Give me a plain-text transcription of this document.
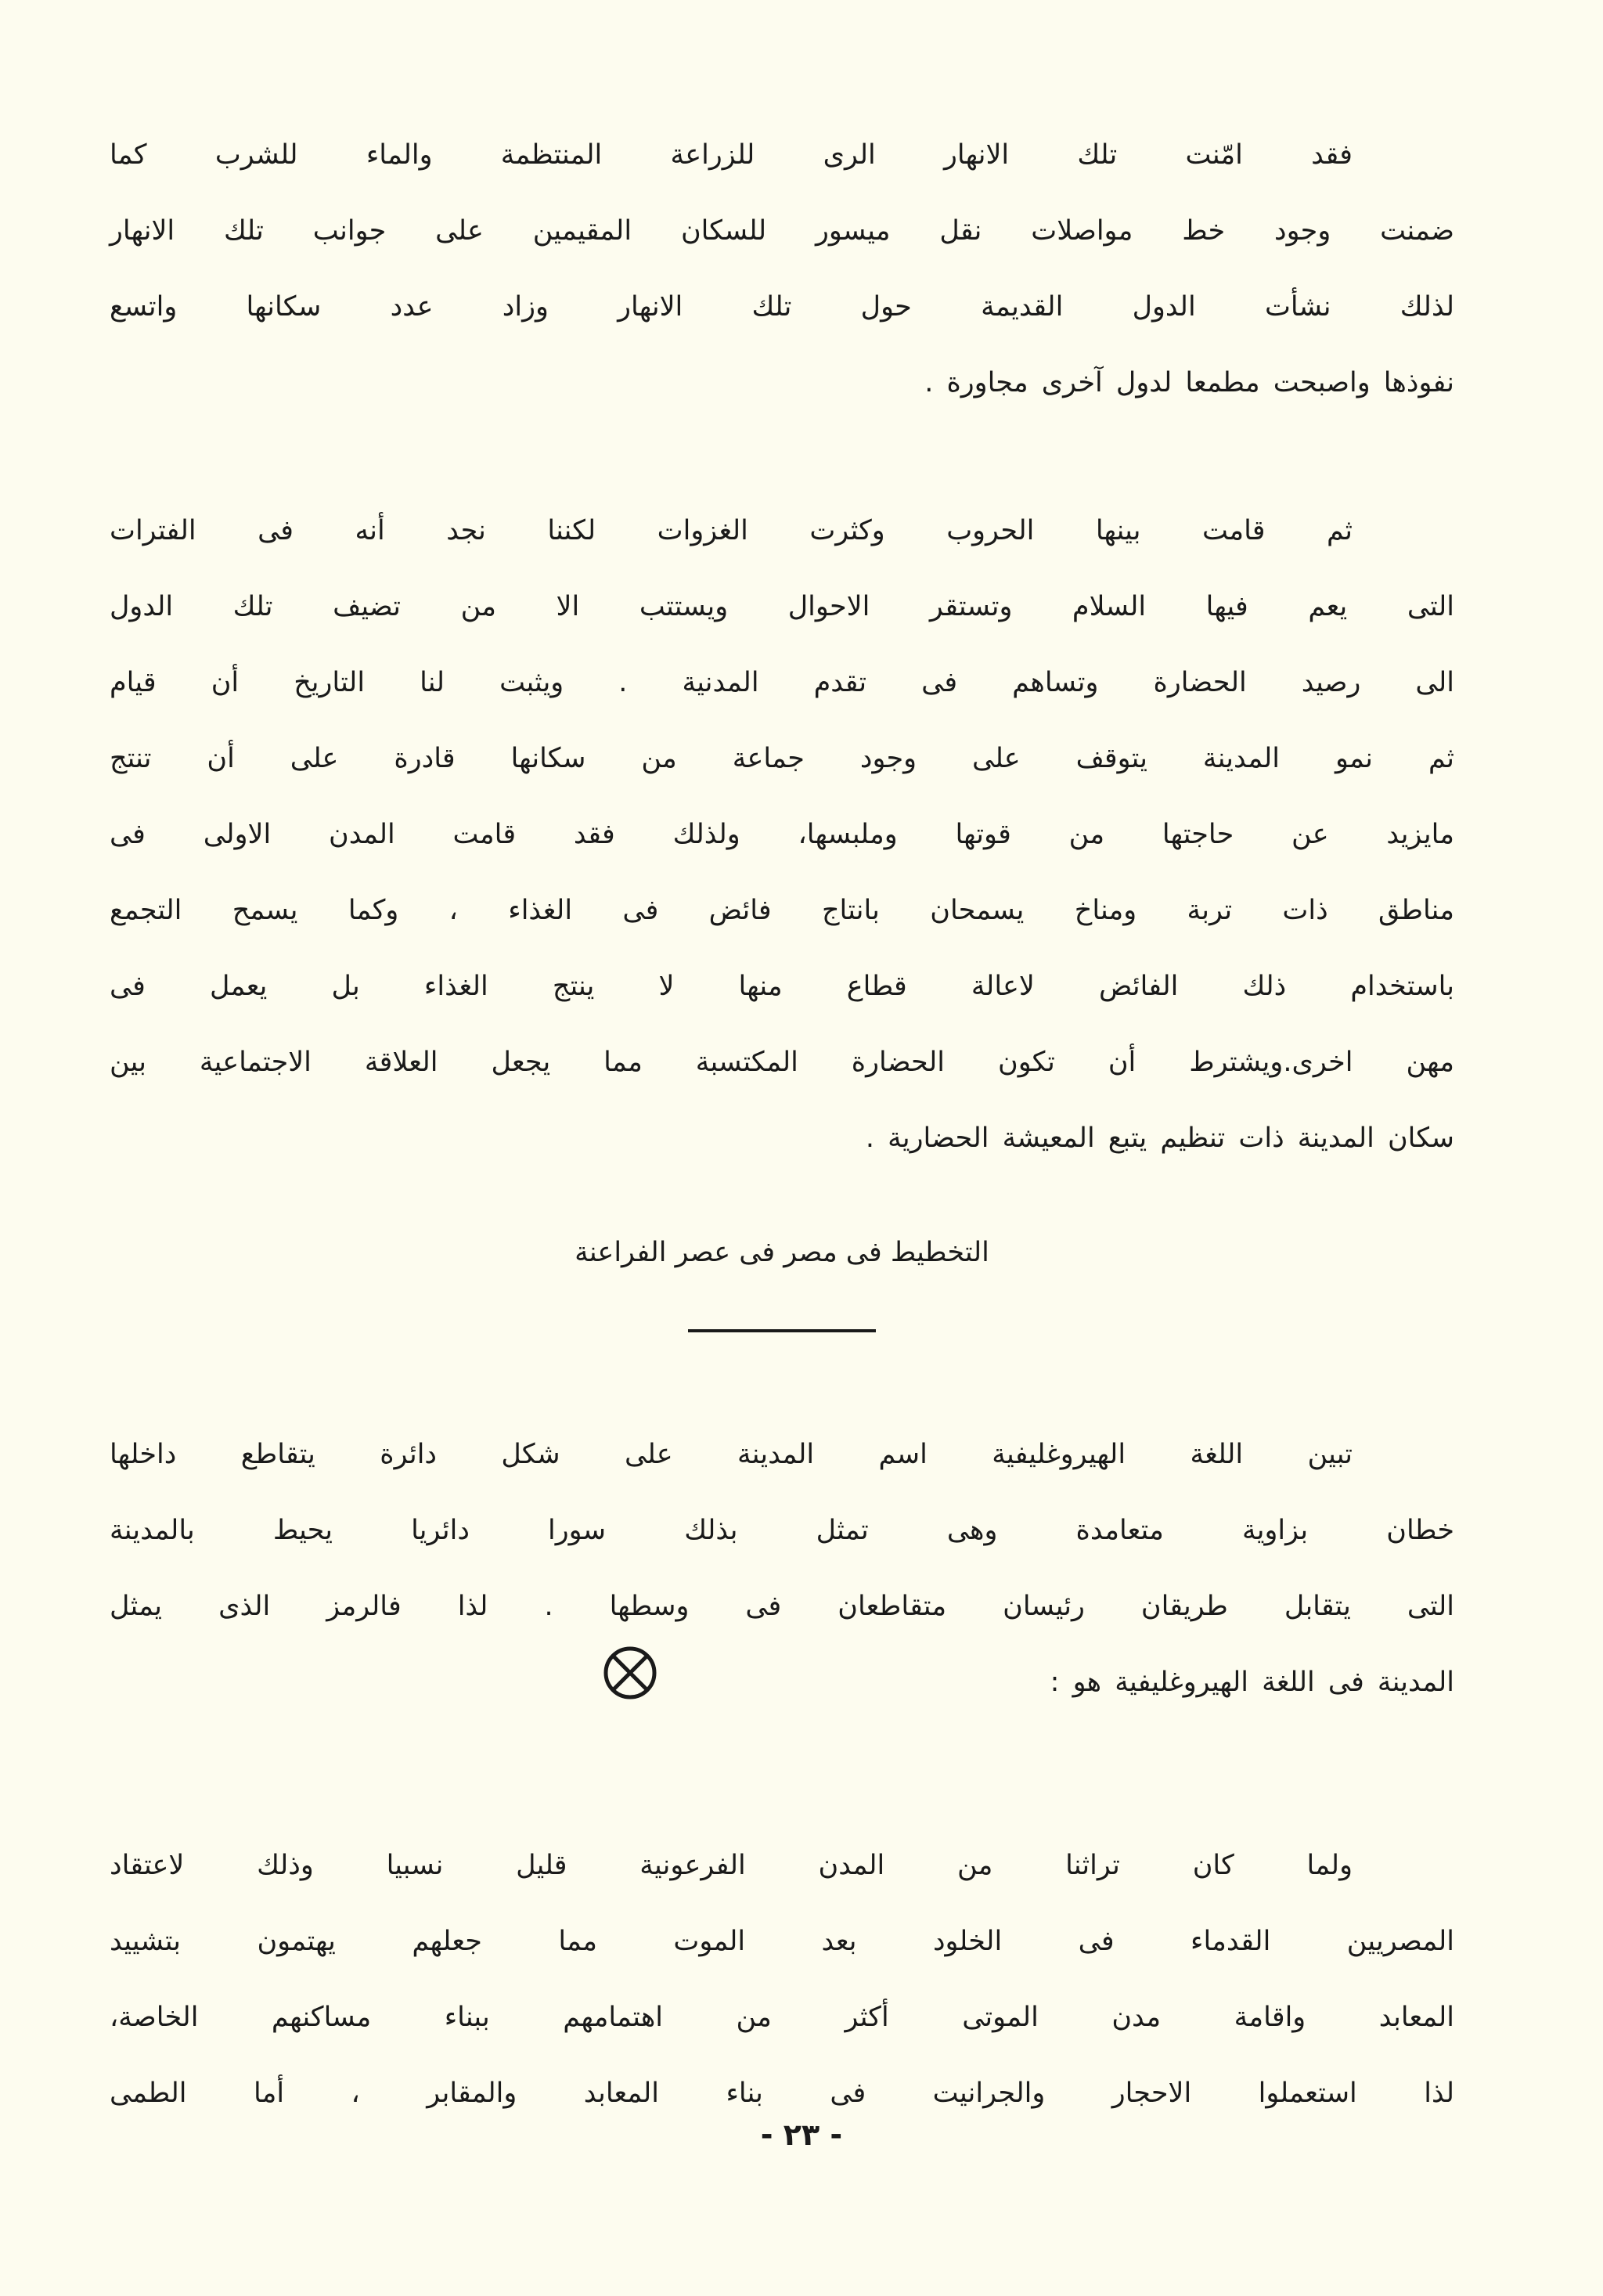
فقد امّنت تلك الانهار الرى للزراعة المنتظمة والماء للشرب كما
ضمنت وجود خط مواصلات نقل ميسور للسكان المقيمين على جوانب تلك الانهار
لذلك نشأت الدول القديمة حول تلك الانهار وزاد عدد سكانها واتسع
نفوذها واصبحت مطمعا لدول آخرى مجاورة .
ثم قامت بينها الحروب وكثرت الغزوات لكننا نجد أنه فى الفترات
التى يعم فيها السلام وتستقر الاحوال ويستتب الا من تضيف تلك الدول
الى رصيد الحضارة وتساهم فى تقدم المدنية . ويثبت لنا التاريخ أن قيام
ثم نمو المدينة يتوقف على وجود جماعة من سكانها قادرة على أن تنتج
مايزيد عن حاجتها من قوتها وملبسها، ولذلك فقد قامت المدن الاولى فى
مناطق ذات تربة ومناخ يسمحان بانتاج فائض فى الغذاء ، وكما يسمح التجمع
باستخدام ذلك الفائض لاعالة قطاع منها لا ينتج الغذاء بل يعمل فى
مهن اخرى.ويشترط أن تكون الحضارة المكتسبة مما يجعل العلاقة الاجتماعية بين
سكان المدينة ذات تنظيم يتبع المعيشة الحضارية .
التخطيط فى مصر فى عصر الفراعنة
تبين اللغة الهيروغليفية اسم المدينة على شكل دائرة يتقاطع داخلها
خطان بزاوية متعامدة وهى تمثل بذلك سورا دائريا يحيط بالمدينة
التى يتقابل طريقان رئيسان متقاطعان فى وسطها . لذا فالرمز الذى يمثل
المدينة فى اللغة الهيروغليفية هو :
ولما كان تراثنا من المدن الفرعونية قليل نسبيا وذلك لاعتقاد
المصريين القدماء فى الخلود بعد الموت مما جعلهم يهتمون بتشييد
المعابد واقامة مدن الموتى أكثر من اهتمامهم ببناء مساكنهم الخاصة،
لذا استعملوا الاحجار والجرانيت فى بناء المعابد والمقابر ، أما الطمى
- ٢٣ -
